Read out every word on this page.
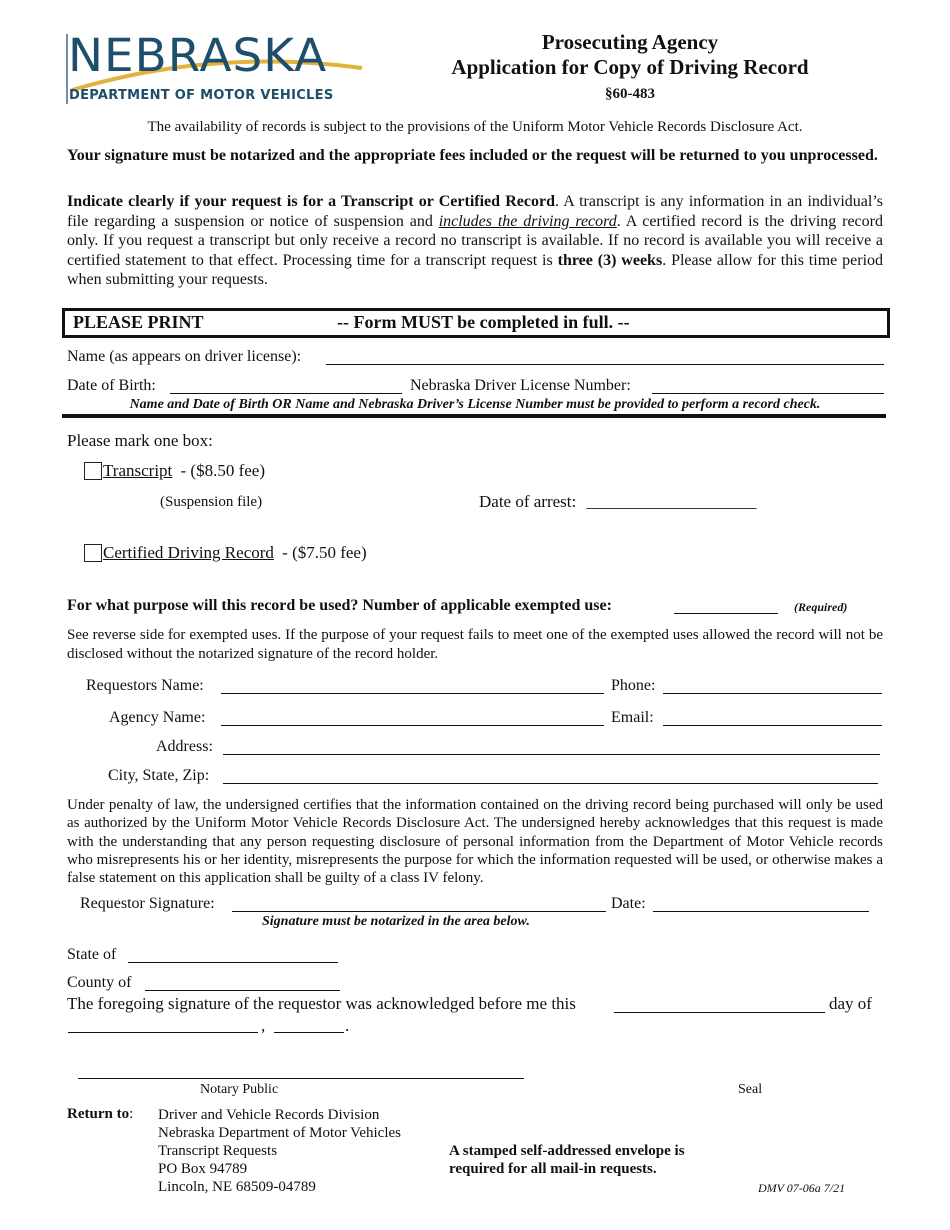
NEBRASKA
DEPARTMENT OF MOTOR VEHICLES
Prosecuting Agency
Application for Copy of Driving Record
§60-483
The availability of records is subject to the provisions of the Uniform Motor Vehicle Records Disclosure Act.
Your signature must be notarized and the appropriate fees included or the request will be returned to you unprocessed.
Indicate clearly if your request is for a Transcript or Certified Record. A transcript is any information in an individual’s file regarding a suspension or notice of suspension and includes the driving record. A certified record is the driving record only. If you request a transcript but only receive a record no transcript is available. If no record is available you will receive a certified statement to that effect. Processing time for a transcript request is three (3) weeks. Please allow for this time period when submitting your requests.
PLEASE PRINT	-- Form MUST be completed in full. --
Name (as appears on driver license):
Date of Birth:	Nebraska Driver License Number:
Name and Date of Birth OR Name and Nebraska Driver’s License Number must be provided to perform a record check.
Please mark one box:
Transcript - ($8.50 fee)
(Suspension file)	Date of arrest: ____________________
Certified Driving Record - ($7.50 fee)
For what purpose will this record be used? Number of applicable exempted use:	(Required)
See reverse side for exempted uses. If the purpose of your request fails to meet one of the exempted uses allowed the record will not be disclosed without the notarized signature of the record holder.
Requestors Name:	Phone:
Agency Name:	Email:
Address:
City, State, Zip:
Under penalty of law, the undersigned certifies that the information contained on the driving record being purchased will only be used as authorized by the Uniform Motor Vehicle Records Disclosure Act. The undersigned hereby acknowledges that this request is made with the understanding that any person requesting disclosure of personal information from the Department of Motor Vehicle records who misrepresents his or her identity, misrepresents the purpose for which the information requested will be used, or otherwise makes a false statement on this application shall be guilty of a class IV felony.
Requestor Signature:	Date:
Signature must be notarized in the area below.
State of
County of
The foregoing signature of the requestor was acknowledged before me this	day of
,	.
Notary Public	Seal
Return to: Driver and Vehicle Records Division
Nebraska Department of Motor Vehicles
Transcript Requests
PO Box 94789
Lincoln, NE 68509-04789
A stamped self-addressed envelope is
required for all mail-in requests.
DMV 07-06a 7/21
